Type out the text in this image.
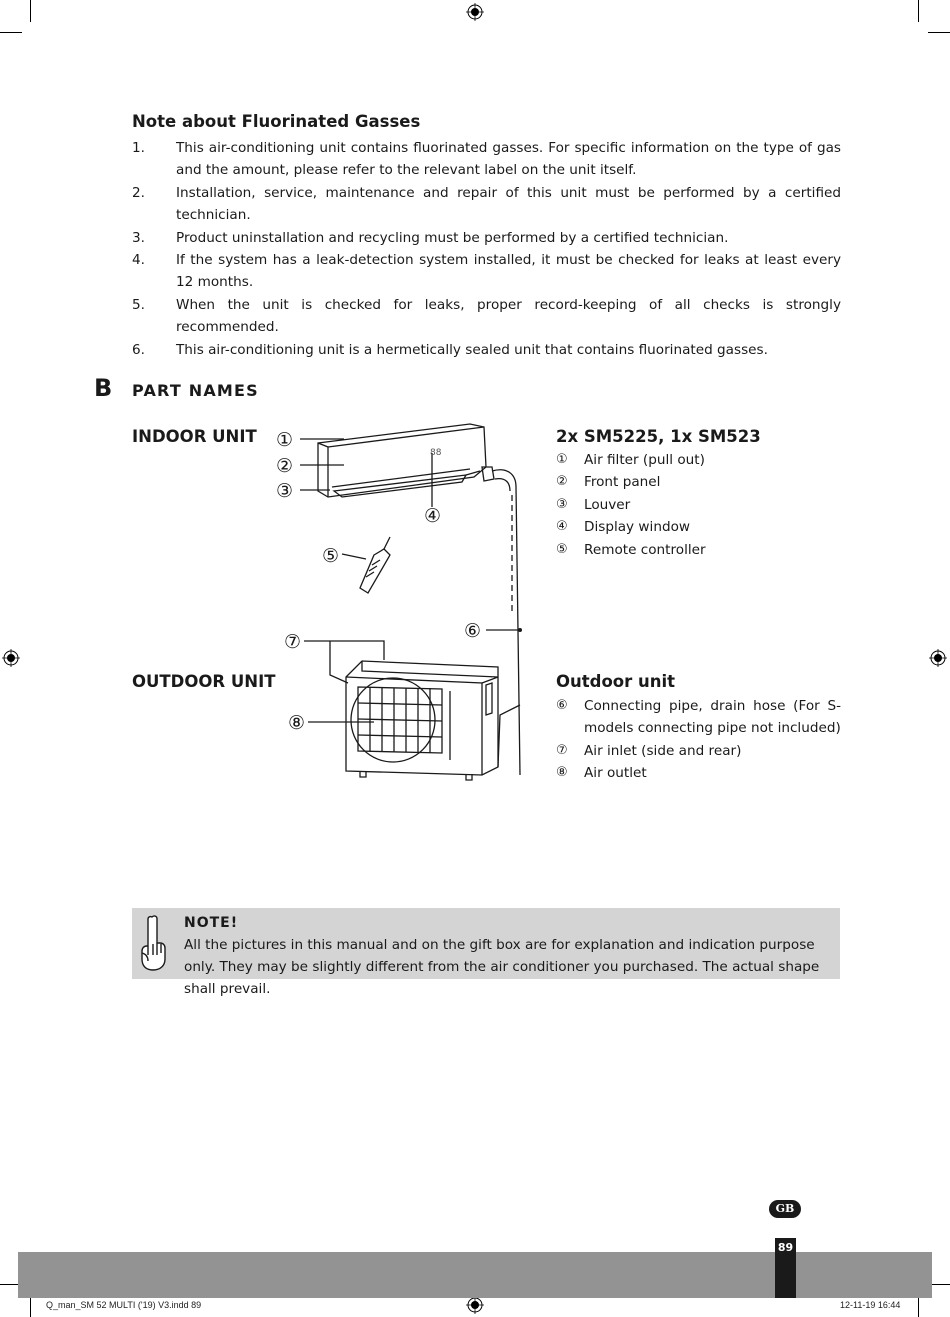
Note about Fluorinated Gasses
1.	This air-conditioning unit contains fluorinated gasses. For specific information on the type of gas and the amount, please refer to the relevant label on the unit itself.
2.	Installation, service, maintenance and repair of this unit must be performed by a certified technician.
3.	Product uninstallation and recycling must be performed by a certified technician.
4.	If the system has a leak-detection system installed, it must be checked for leaks at least every 12 months.
5.	When the unit is checked for leaks, proper record-keeping of all checks is strongly recommended.
6.	This air-conditioning unit is a hermetically sealed unit that contains fluorinated gasses.
B PART NAMES
INDOOR UNIT
OUTDOOR UNIT
2x SM5225, 1x SM523
①	Air filter (pull out)
②	Front panel
③	Louver
④	Display window
⑤	Remote controller
Outdoor unit
⑥	Connecting pipe, drain hose (For S-models connecting pipe not included)
⑦	Air inlet (side and rear)
⑧	Air outlet
88
①
②
③
④
⑤
⑥
⑦
⑧
NOTE!
All the pictures in this manual and on the gift box are for explanation and indication purpose only. They may be slightly different from the air conditioner you purchased. The actual shape shall prevail.
GB
89
Q_man_SM 52 MULTI ('19) V3.indd 89	12-11-19 16:44
